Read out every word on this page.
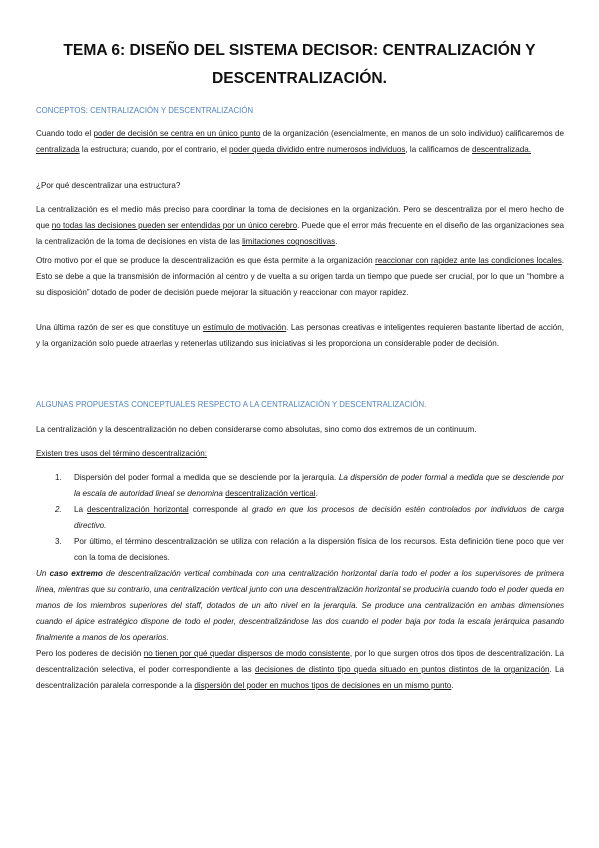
TEMA 6: DISEÑO DEL SISTEMA DECISOR: CENTRALIZACIÓN Y DESCENTRALIZACIÓN.
CONCEPTOS: CENTRALIZACIÓN Y DESCENTRALIZACIÓN
Cuando todo el poder de decisión se centra en un único punto de la organización (esencialmente, en manos de un solo individuo) calificaremos de centralizada la estructura; cuando, por el contrario, el poder queda dividido entre numerosos individuos, la calificamos de descentralizada.
¿Por qué descentralizar una estructura?
La centralización es el medio más preciso para coordinar la toma de decisiones en la organización. Pero se descentraliza por el mero hecho de que no todas las decisiones pueden ser entendidas por un único cerebro. Puede que el error más frecuente en el diseño de las organizaciones sea la centralización de la toma de decisiones en vista de las limitaciones cognoscitivas.
Otro motivo por el que se produce la descentralización es que ésta permite a la organización reaccionar con rapidez ante las condiciones locales. Esto se debe a que la transmisión de información al centro y de vuelta a su origen tarda un tiempo que puede ser crucial, por lo que un “hombre a su disposición” dotado de poder de decisión puede mejorar la situación y reaccionar con mayor rapidez.
Una última razón de ser es que constituye un estímulo de motivación. Las personas creativas e inteligentes requieren bastante libertad de acción, y la organización solo puede atraerlas y retenerlas utilizando sus iniciativas si les proporciona un considerable poder de decisión.
ALGUNAS PROPUESTAS CONCEPTUALES RESPECTO A LA CENTRALIZACIÓN Y DESCENTRALIZACIÓN.
La centralización y la descentralización no deben considerarse como absolutas, sino como dos extremos de un continuum.
Existen tres usos del término descentralización:
1. Dispersión del poder formal a medida que se desciende por la jerarquía. La dispersión de poder formal a medida que se desciende por la escala de autoridad lineal se denomina descentralización vertical.
2. La descentralización horizontal corresponde al grado en que los procesos de decisión estén controlados por individuos de carga directivo.
3. Por último, el término descentralización se utiliza con relación a la dispersión física de los recursos. Esta definición tiene poco que ver con la toma de decisiones.
Un caso extremo de descentralización vertical combinada con una centralización horizontal daría todo el poder a los supervisores de primera línea, mientras que su contrario, una centralización vertical junto con una descentralización horizontal se produciría cuando todo el poder queda en manos de los miembros superiores del staff, dotados de un alto nivel en la jerarquía. Se produce una centralización en ambas dimensiones cuando el ápice estratégico dispone de todo el poder, descentralizándose las dos cuando el poder baja por toda la escala jerárquica pasando finalmente a manos de los operarios.
Pero los poderes de decisión no tienen por qué quedar dispersos de modo consistente, por lo que surgen otros dos tipos de descentralización. La descentralización selectiva, el poder correspondiente a las decisiones de distinto tipo queda situado en puntos distintos de la organización. La descentralización paralela corresponde a la dispersión del poder en muchos tipos de decisiones en un mismo punto.
